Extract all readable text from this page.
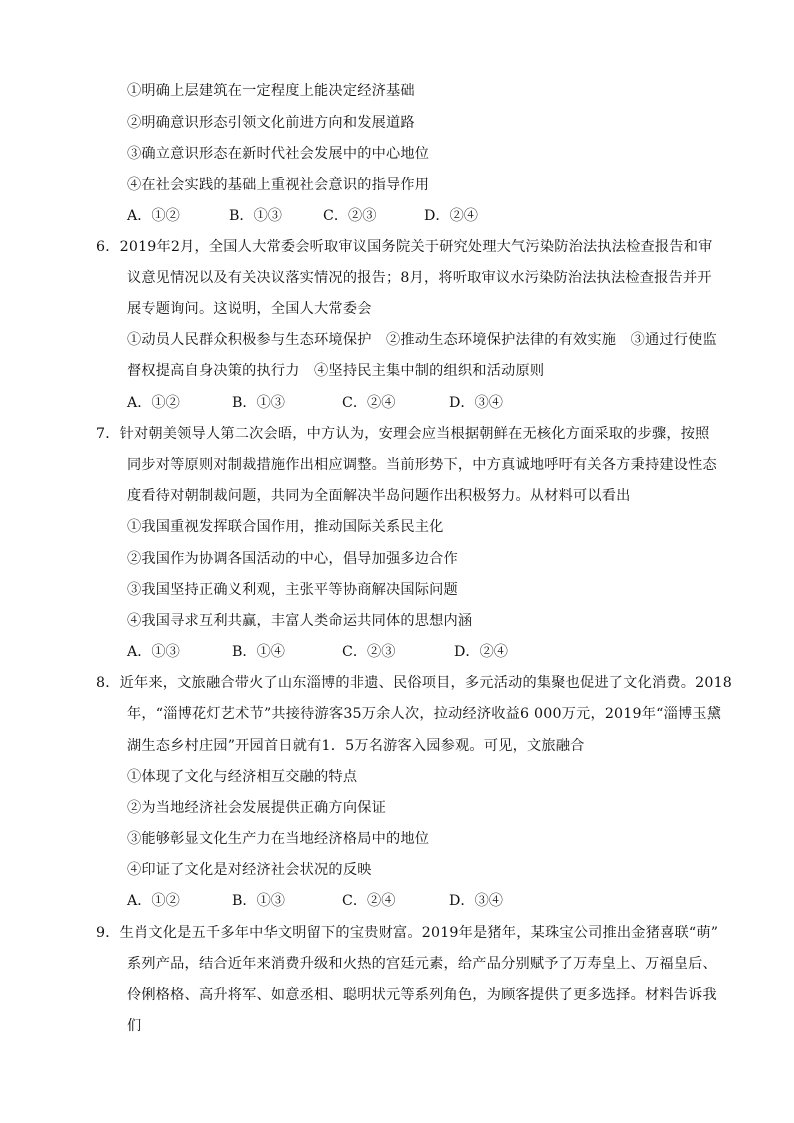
①明确上层建筑在一定程度上能决定经济基础
②明确意识形态引领文化前进方向和发展道路
③确立意识形态在新时代社会发展中的中心地位
④在社会实践的基础上重视社会意识的指导作用
A．①②	B．①③	C．②③	D．②④
6．2019年2月，全国人大常委会听取审议国务院关于研究处理大气污染防治法执法检查报告和审
议意见情况以及有关决议落实情况的报告；8月，将听取审议水污染防治法执法检查报告并开
展专题询问。这说明，全国人大常委会
①动员人民群众积极参与生态环境保护　②推动生态环境保护法律的有效实施　③通过行使监
督权提高自身决策的执行力　④坚持民主集中制的组织和活动原则
A．①②	B．①③	C．②④	D．③④
7．针对朝美领导人第二次会晤，中方认为，安理会应当根据朝鲜在无核化方面采取的步骤，按照
同步对等原则对制裁措施作出相应调整。当前形势下，中方真诚地呼吁有关各方秉持建设性态
度看待对朝制裁问题，共同为全面解决半岛问题作出积极努力。从材料可以看出
①我国重视发挥联合国作用，推动国际关系民主化
②我国作为协调各国活动的中心，倡导加强多边合作
③我国坚持正确义利观，主张平等协商解决国际问题
④我国寻求互利共赢，丰富人类命运共同体的思想内涵
A．①③	B．①④	C．②③	D．②④
8．近年来，文旅融合带火了山东淄博的非遗、民俗项目，多元活动的集聚也促进了文化消费。2018
年，“淄博花灯艺术节”共接待游客35万余人次，拉动经济收益6 000万元，2019年“淄博玉黛
湖生态乡村庄园”开园首日就有1．5万名游客入园参观。可见，文旅融合
①体现了文化与经济相互交融的特点
②为当地经济社会发展提供正确方向保证
③能够彰显文化生产力在当地经济格局中的地位
④印证了文化是对经济社会状况的反映
A．①②	B．①③	C．②④	D．③④
9．生肖文化是五千多年中华文明留下的宝贵财富。2019年是猪年，某珠宝公司推出金猪喜联“萌”
系列产品，结合近年来消费升级和火热的宫廷元素，给产品分别赋予了万寿皇上、万福皇后、
伶俐格格、高升将军、如意丞相、聪明状元等系列角色，为顾客提供了更多选择。材料告诉我
们
